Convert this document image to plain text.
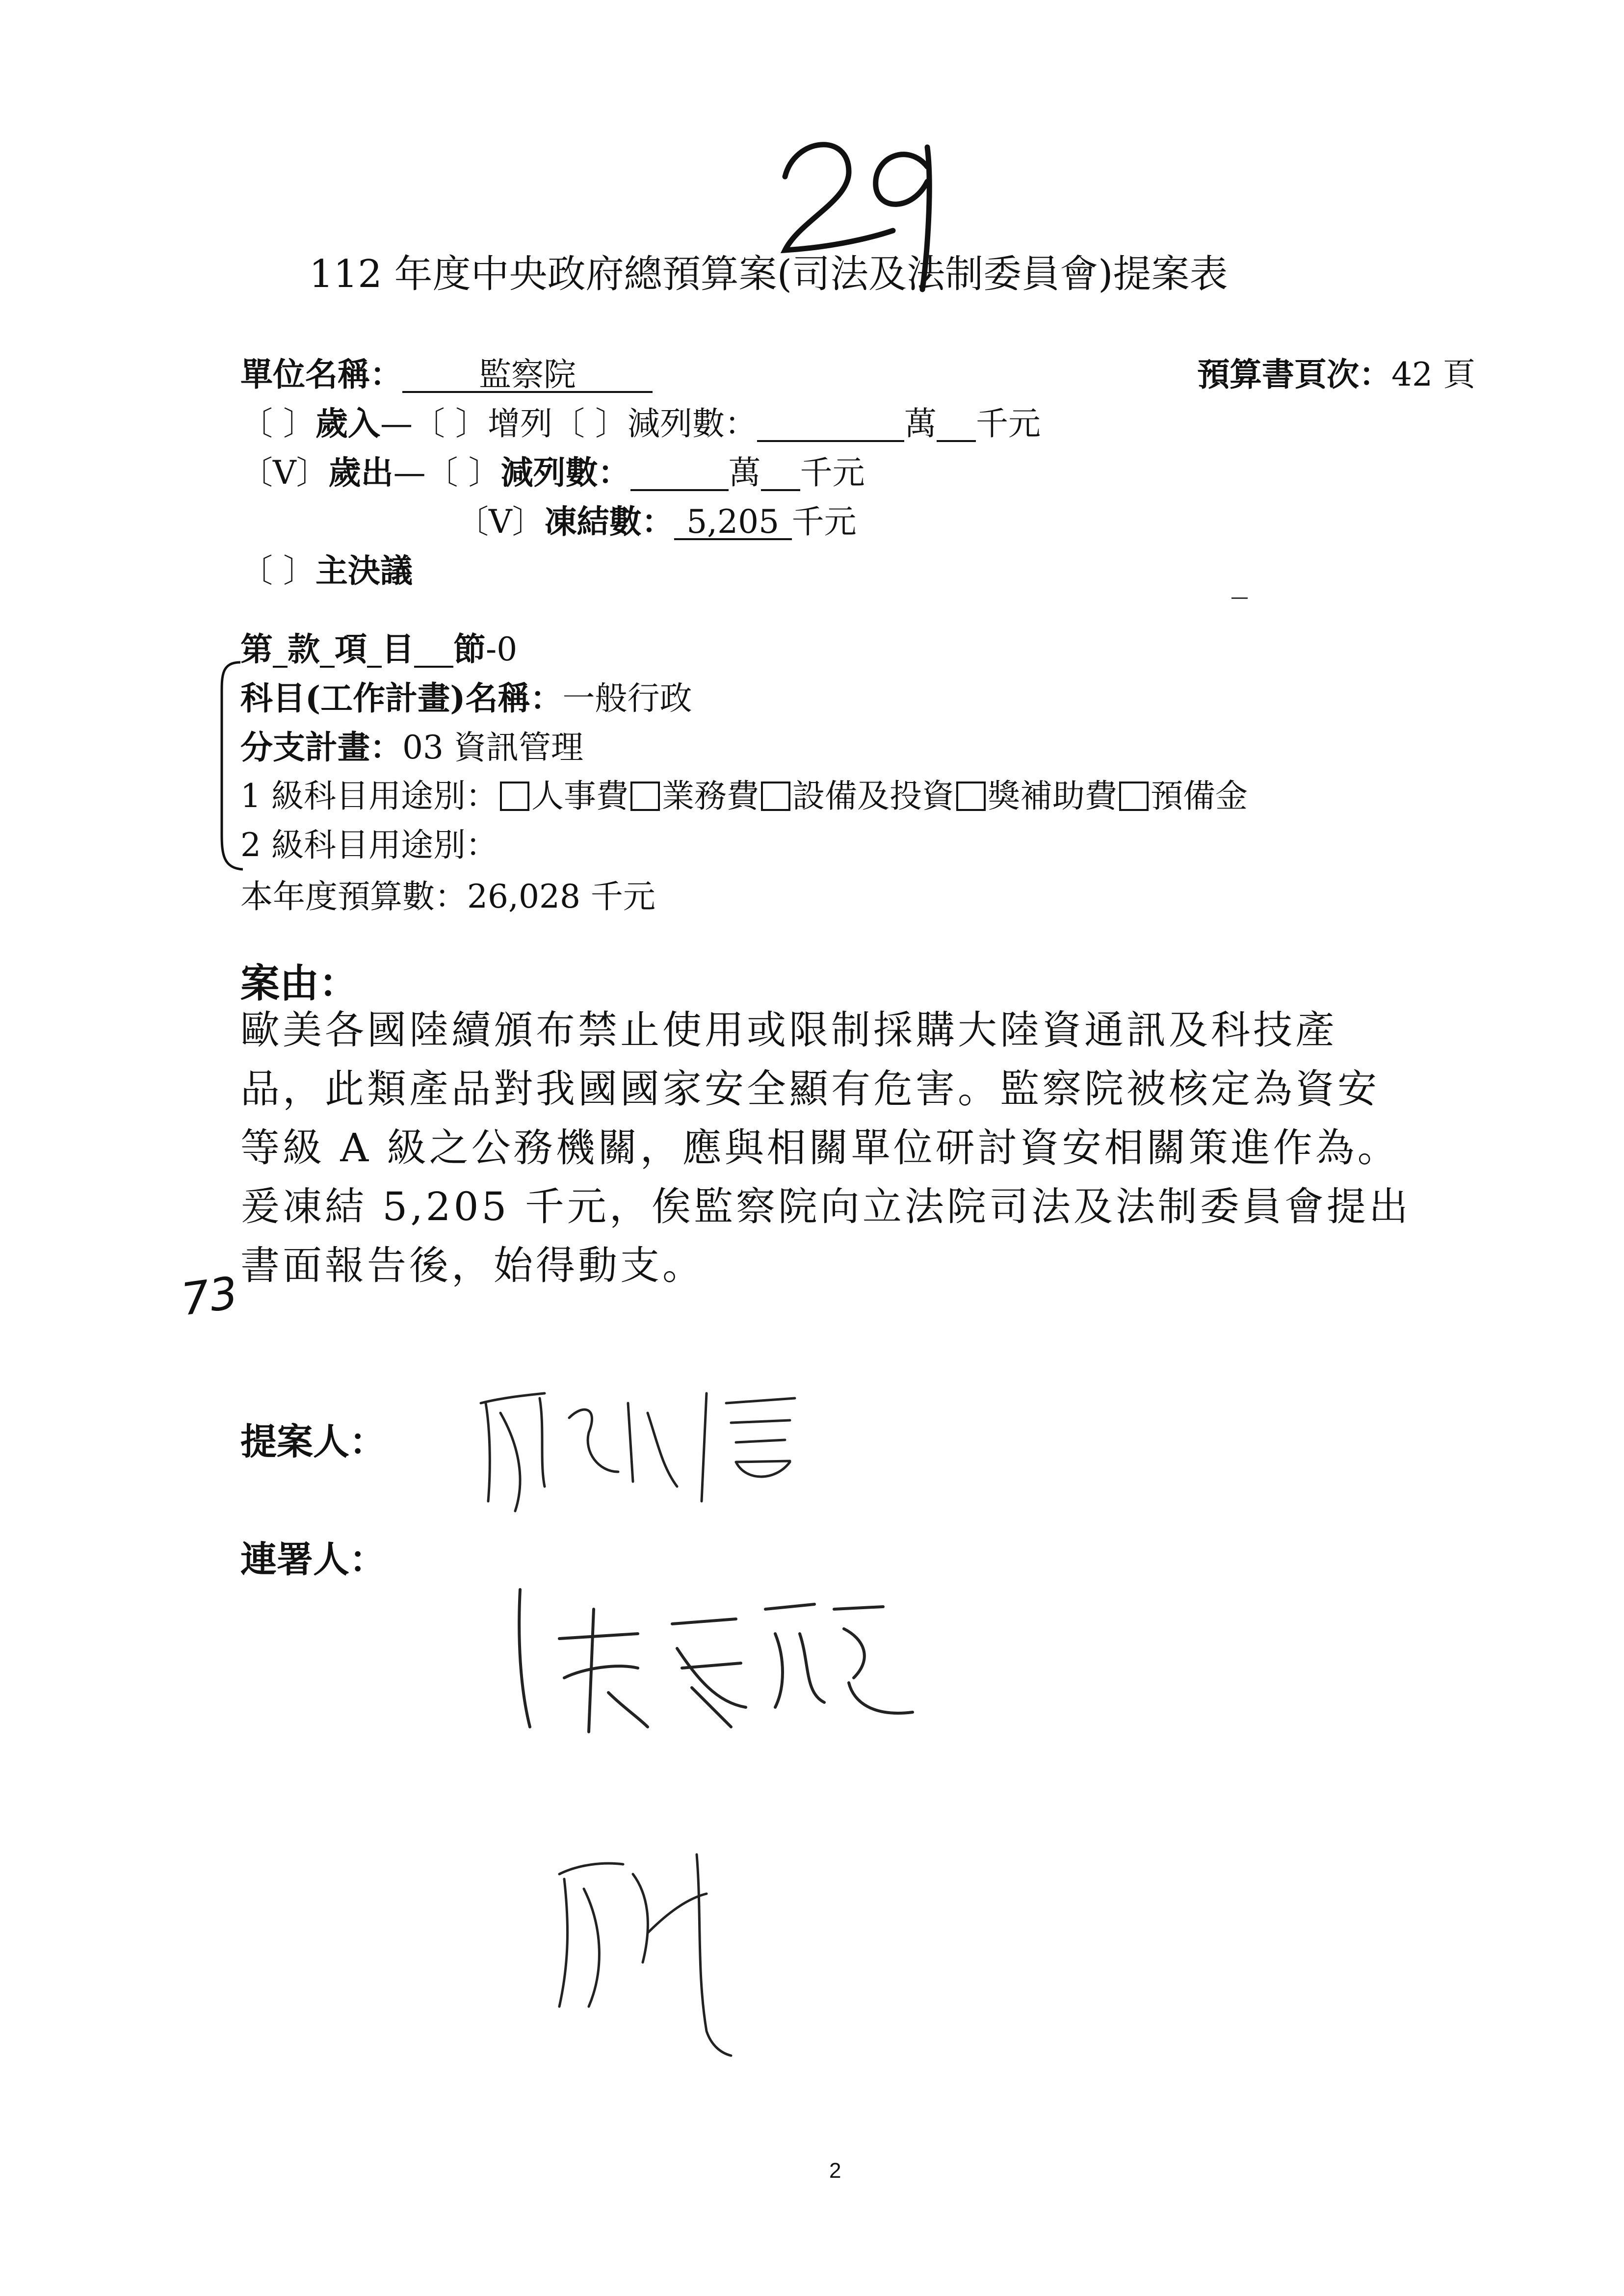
112 年度中央政府總預算案(司法及法制委員會)提案表
單位名稱： 監察院	預算書頁次：42 頁
〔 〕歲入—〔 〕增列〔 〕減列數：	萬 千元
〔V〕歲出—〔 〕減列數：	萬 千元
〔V〕凍結數： 5,205 千元
〔 〕主決議	_
第 款 項 目 節-0
科目(工作計畫)名稱：一般行政
分支計畫：03 資訊管理
1 級科目用途別： 人事費 業務費 設備及投資 獎補助費 預備金
2 級科目用途別：
本年度預算數：26,028 千元
案由：
歐美各國陸續頒布禁止使用或限制採購大陸資通訊及科技產
品，此類產品對我國國家安全顯有危害。監察院被核定為資安
等級 A 級之公務機關，應與相關單位研討資安相關策進作為。
爰凍結 5,205 千元，俟監察院向立法院司法及法制委員會提出
書面報告後，始得動支。
73
提案人：
連署人：
2
